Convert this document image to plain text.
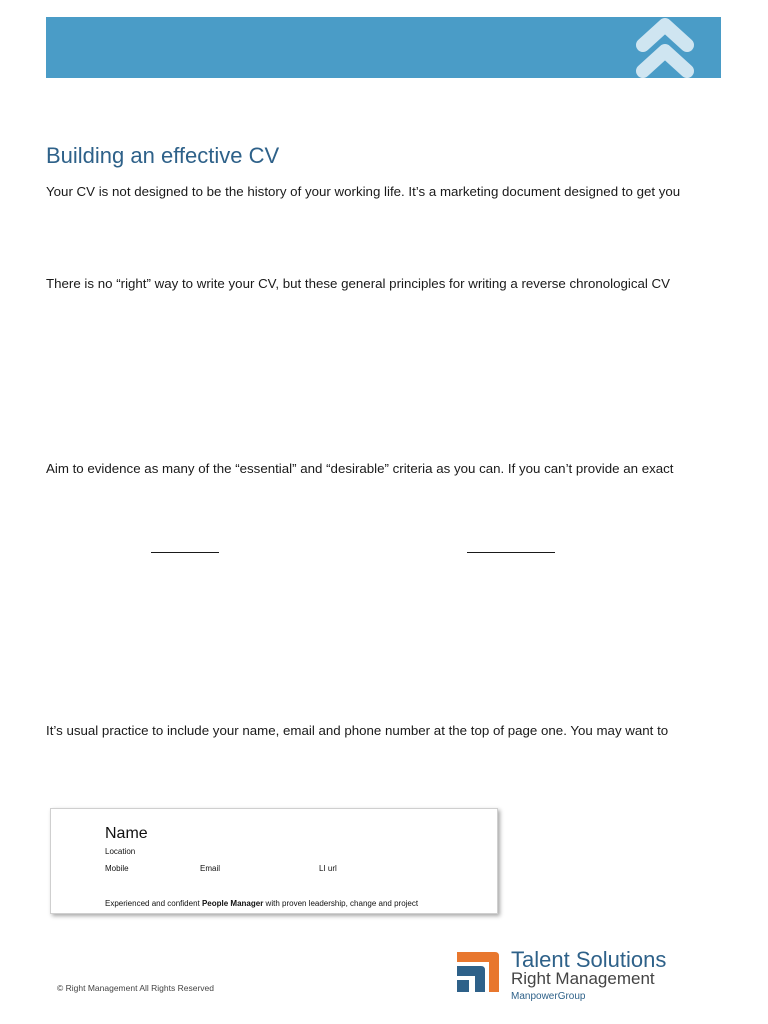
Building an effective CV
Your CV is not designed to be the history of your working life. It’s a marketing document designed to get you
There is no “right” way to write your CV, but these general principles for writing a reverse chronological CV
Aim to evidence as many of the “essential” and “desirable” criteria as you can. If you can’t provide an exact
It’s usual practice to include your name, email and phone number at the top of page one. You may want to
Name
Location
Mobile	Email	LI url
Experienced and confident People Manager with proven leadership, change and project
© Right Management All Rights Reserved
Talent Solutions
Right Management
ManpowerGroup
